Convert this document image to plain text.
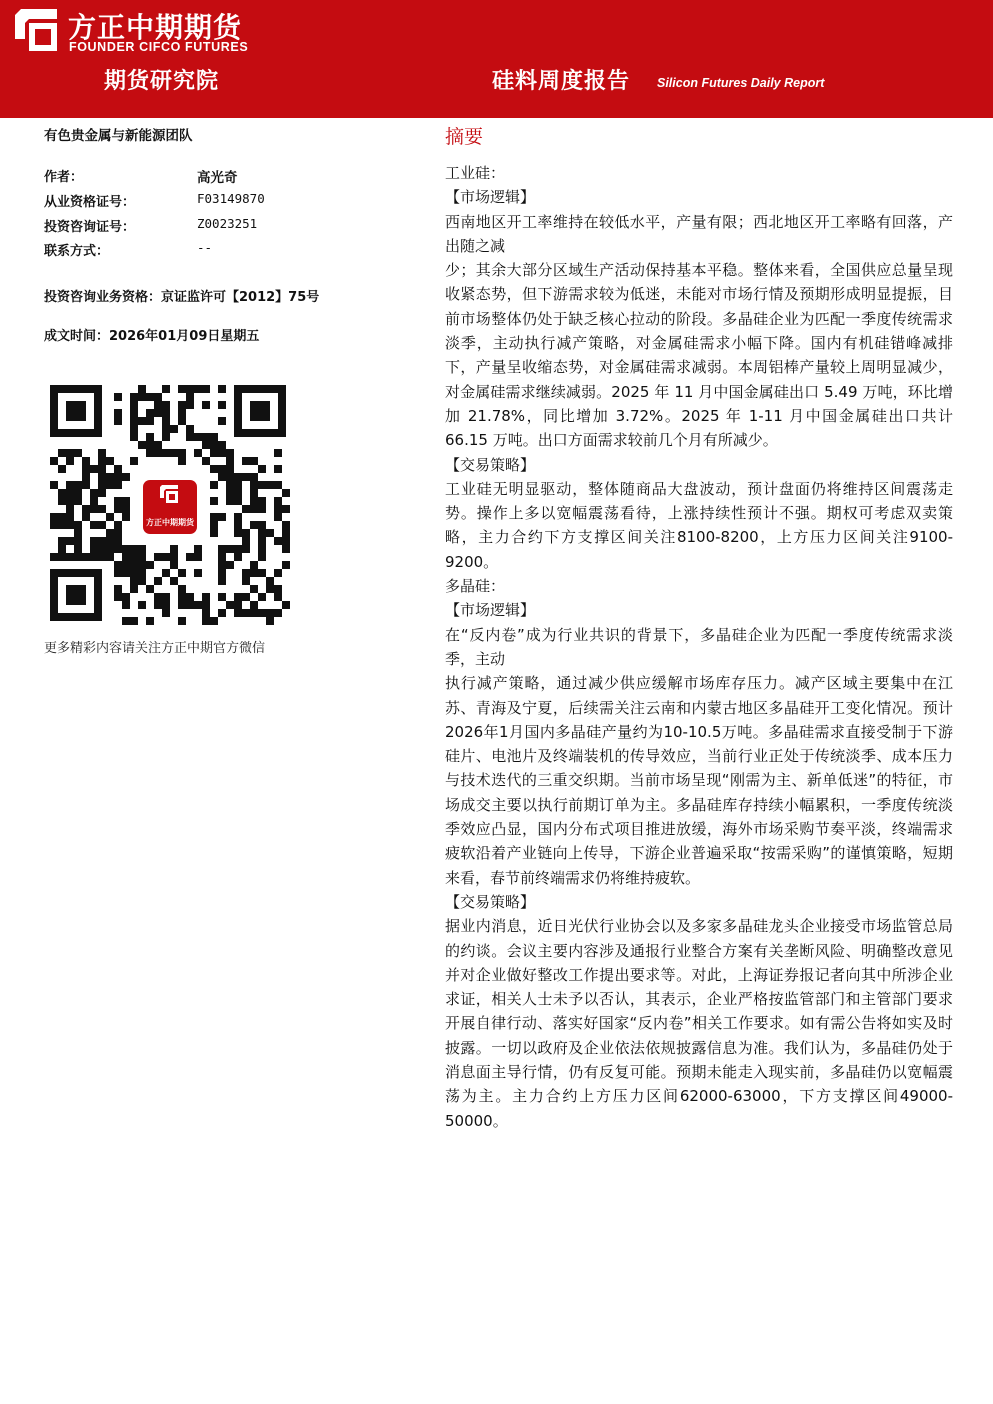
方正中期期货
FOUNDER CIFCO FUTURES
期货研究院	硅料周度报告 Silicon Futures Daily Report
有色贵金属与新能源团队
作者：	高光奇
从业资格证号：	F03149870
投资咨询证号：	Z0023251
联系方式：	--
投资咨询业务资格：京证监许可【2012】75号
成文时间：2026年01月09日星期五
方正中期期货
更多精彩内容请关注方正中期官方微信
摘要

工业硅：

【市场逻辑】

西南地区开工率维持在较低水平，产量有限；西北地区开工率略有回落，产出随之减

少；其余大部分区域生产活动保持基本平稳。整体来看，全国供应总量呈现收紧态势，但下游需求较为低迷，未能对市场行情及预期形成明显提振，目前市场整体仍处于缺乏核心拉动的阶段。多晶硅企业为匹配一季度传统需求淡季，主动执行减产策略，对金属硅需求小幅下降。国内有机硅错峰减排下，产量呈收缩态势，对金属硅需求减弱。本周铝棒产量较上周明显减少，对金属硅需求继续减弱。2025 年 11 月中国金属硅出口 5.49 万吨，环比增加 21.78%，同比增加 3.72%。2025 年 1-11 月中国金属硅出口共计 66.15 万吨。出口方面需求较前几个月有所减少。

【交易策略】

工业硅无明显驱动，整体随商品大盘波动，预计盘面仍将维持区间震荡走势。操作上多以宽幅震荡看待，上涨持续性预计不强。期权可考虑双卖策略，主力合约下方支撑区间关注8100-8200，上方压力区间关注9100-9200。

多晶硅：

【市场逻辑】

在“反内卷”成为行业共识的背景下，多晶硅企业为匹配一季度传统需求淡季，主动

执行减产策略，通过减少供应缓解市场库存压力。减产区域主要集中在江苏、青海及宁夏，后续需关注云南和内蒙古地区多晶硅开工变化情况。预计2026年1月国内多晶硅产量约为10-10.5万吨。多晶硅需求直接受制于下游硅片、电池片及终端装机的传导效应，当前行业正处于传统淡季、成本压力与技术迭代的三重交织期。当前市场呈现“刚需为主、新单低迷”的特征，市场成交主要以执行前期订单为主。多晶硅库存持续小幅累积，一季度传统淡季效应凸显，国内分布式项目推进放缓，海外市场采购节奏平淡，终端需求疲软沿着产业链向上传导，下游企业普遍采取“按需采购”的谨慎策略，短期来看，春节前终端需求仍将维持疲软。

【交易策略】

据业内消息，近日光伏行业协会以及多家多晶硅龙头企业接受市场监管总局的约谈。会议主要内容涉及通报行业整合方案有关垄断风险、明确整改意见并对企业做好整改工作提出要求等。对此，上海证券报记者向其中所涉企业求证，相关人士未予以否认，其表示，企业严格按监管部门和主管部门要求开展自律行动、落实好国家“反内卷”相关工作要求。如有需公告将如实及时披露。一切以政府及企业依法依规披露信息为准。我们认为，多晶硅仍处于消息面主导行情，仍有反复可能。预期未能走入现实前，多晶硅仍以宽幅震荡为主。主力合约上方压力区间62000-63000，下方支撑区间49000-50000。
